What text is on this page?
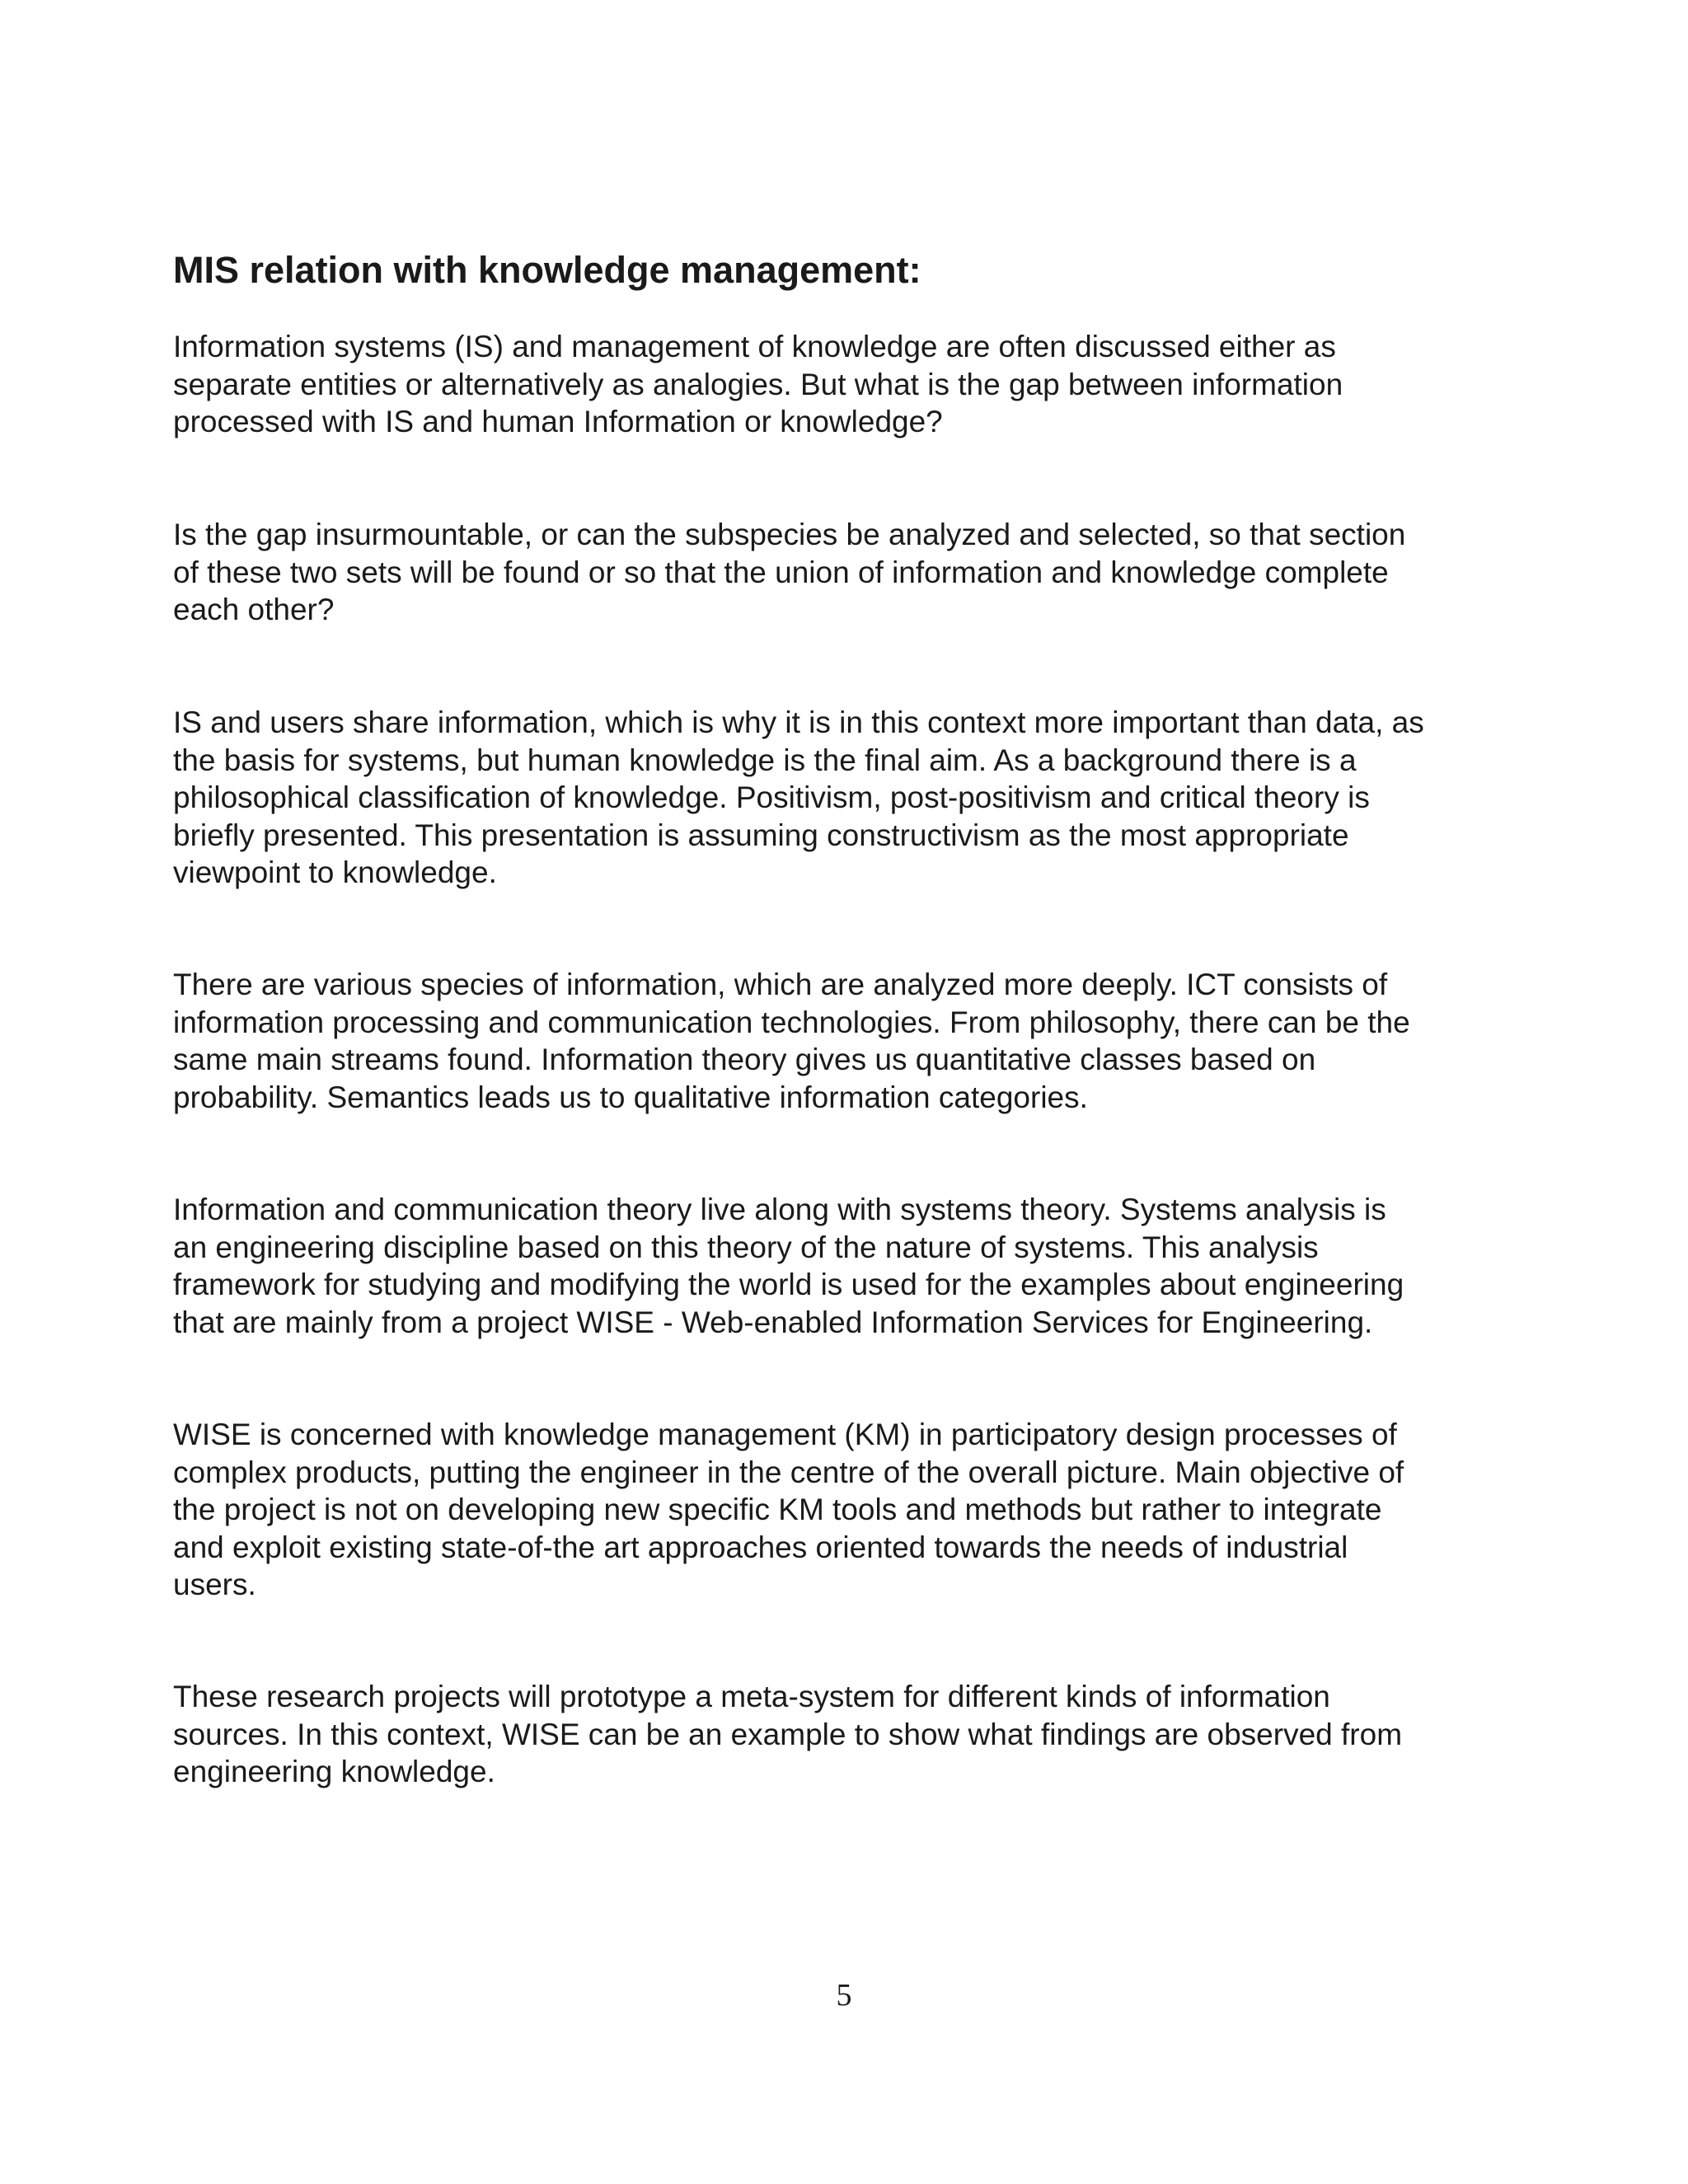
MIS relation with knowledge management:

Information systems (IS) and management of knowledge are often discussed either as
separate entities or alternatively as analogies. But what is the gap between information
processed with IS and human Information or knowledge?

Is the gap insurmountable, or can the subspecies be analyzed and selected, so that section
of these two sets will be found or so that the union of information and knowledge complete
each other?

IS and users share information, which is why it is in this context more important than data, as
the basis for systems, but human knowledge is the final aim. As a background there is a
philosophical classification of knowledge. Positivism, post-positivism and critical theory is
briefly presented. This presentation is assuming constructivism as the most appropriate
viewpoint to knowledge.

There are various species of information, which are analyzed more deeply. ICT consists of
information processing and communication technologies. From philosophy, there can be the
same main streams found. Information theory gives us quantitative classes based on
probability. Semantics leads us to qualitative information categories.

Information and communication theory live along with systems theory. Systems analysis is
an engineering discipline based on this theory of the nature of systems. This analysis
framework for studying and modifying the world is used for the examples about engineering
that are mainly from a project WISE - Web-enabled Information Services for Engineering.

WISE is concerned with knowledge management (KM) in participatory design processes of
complex products, putting the engineer in the centre of the overall picture. Main objective of
the project is not on developing new specific KM tools and methods but rather to integrate
and exploit existing state-of-the art approaches oriented towards the needs of industrial
users.

These research projects will prototype a meta-system for different kinds of information
sources. In this context, WISE can be an example to show what findings are observed from
engineering knowledge.

5
